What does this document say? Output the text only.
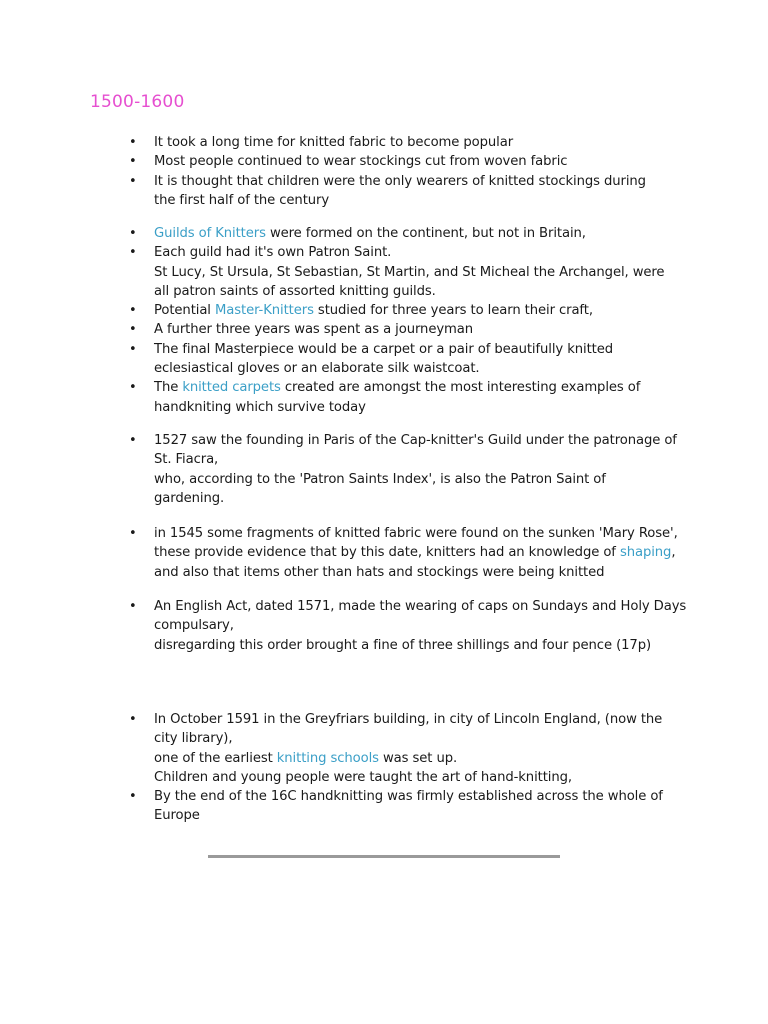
1500-1600
• It took a long time for knitted fabric to become popular
• Most people continued to wear stockings cut from woven fabric
• It is thought that children were the only wearers of knitted stockings during
the first half of the century
• Guilds of Knitters were formed on the continent, but not in Britain,
• Each guild had it's own Patron Saint.
St Lucy, St Ursula, St Sebastian, St Martin, and St Micheal the Archangel, were
all patron saints of assorted knitting guilds.
• Potential Master-Knitters studied for three years to learn their craft,
• A further three years was spent as a journeyman
• The final Masterpiece would be a carpet or a pair of beautifully knitted
eclesiastical gloves or an elaborate silk waistcoat.
• The knitted carpets created are amongst the most interesting examples of
handkniting which survive today
• 1527 saw the founding in Paris of the Cap-knitter's Guild under the patronage of
St. Fiacra,
who, according to the 'Patron Saints Index', is also the Patron Saint of
gardening.
• in 1545 some fragments of knitted fabric were found on the sunken 'Mary Rose',
these provide evidence that by this date, knitters had an knowledge of shaping,
and also that items other than hats and stockings were being knitted
• An English Act, dated 1571, made the wearing of caps on Sundays and Holy Days
compulsary,
disregarding this order brought a fine of three shillings and four pence (17p)
• In October 1591 in the Greyfriars building, in city of Lincoln England, (now the
city library),
one of the earliest knitting schools was set up.
Children and young people were taught the art of hand-knitting,
• By the end of the 16C handknitting was firmly established across the whole of
Europe
